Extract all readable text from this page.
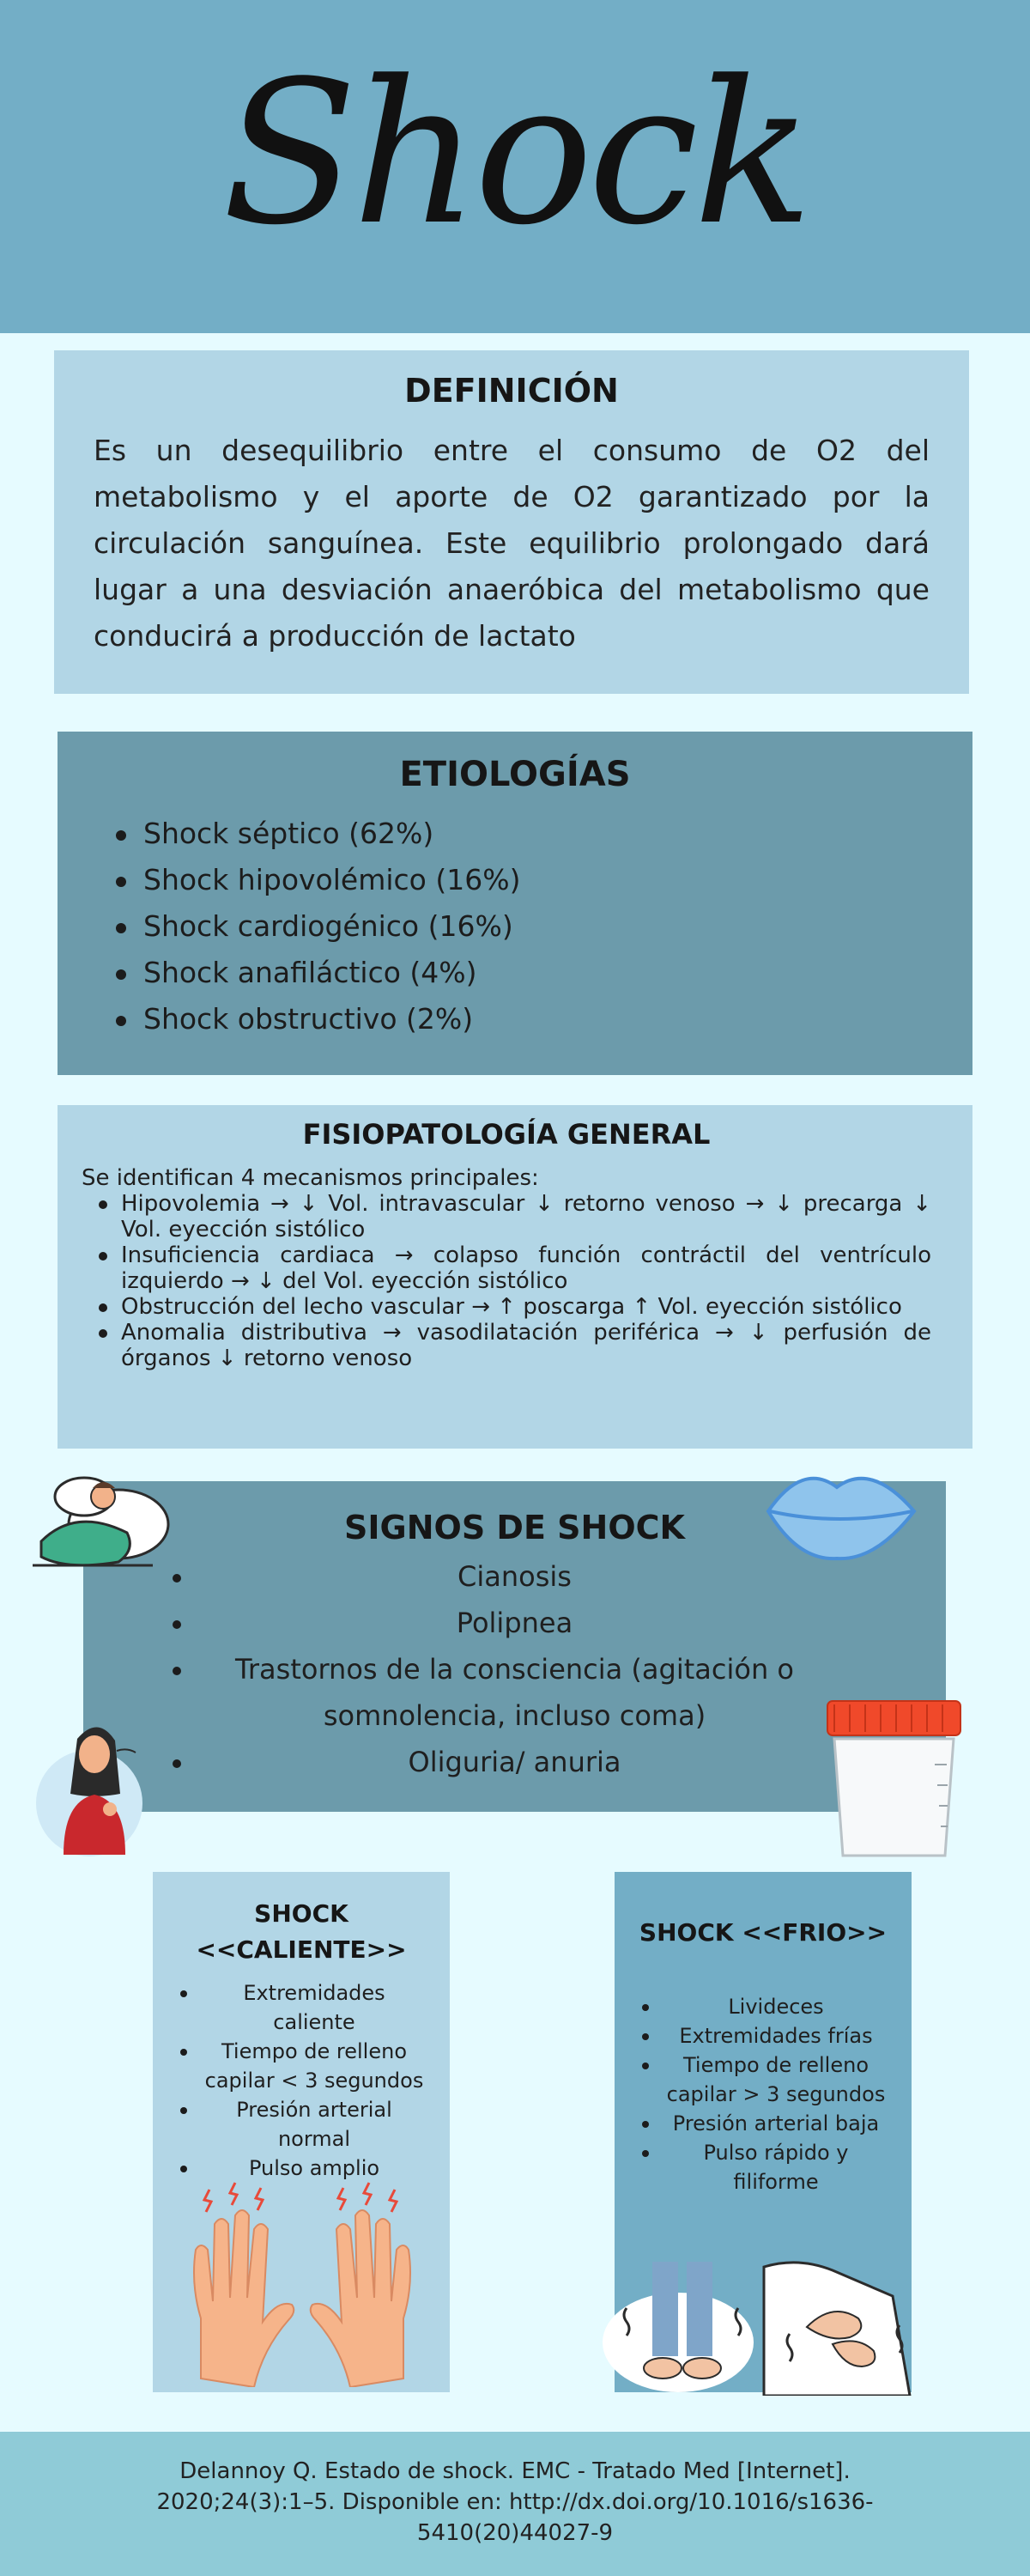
Shock
DEFINICIÓN

Es un desequilibrio entre el consumo de O2 del metabolismo y el aporte de O2 garantizado por la circulación sanguínea. Este equilibrio prolongado dará lugar a una desviación anaeróbica del metabolismo que conducirá a producción de lactato

ETIOLOGÍAS
Shock séptico (62%)
Shock hipovolémico (16%)
Shock cardiogénico (16%)
Shock anafiláctico (4%)
Shock obstructivo (2%)
FISIOPATOLOGÍA GENERAL
Se identifican 4 mecanismos principales:
Hipovolemia → ↓ Vol. intravascular ↓ retorno venoso → ↓ precarga ↓ Vol. eyección sistólico
Insuficiencia cardiaca → colapso función contráctil del ventrículo izquierdo → ↓ del Vol. eyección sistólico
Obstrucción del lecho vascular → ↑ poscarga ↑ Vol. eyección sistólico
Anomalia distributiva → vasodilatación periférica → ↓ perfusión de órganos ↓ retorno venoso
SIGNOS DE SHOCK
Cianosis
Polipnea
Trastornos de la consciencia (agitación o somnolencia, incluso coma)
Oliguria/ anuria
SHOCK <<CALIENTE>>
Extremidades caliente
Tiempo de relleno capilar < 3 segundos
Presión arterial normal
Pulso amplio
SHOCK <<FRIO>>
Livideces
Extremidades frías
Tiempo de relleno capilar > 3 segundos
Presión arterial baja
Pulso rápido y filiforme

Delannoy Q. Estado de shock. EMC - Tratado Med [Internet]. 2020;24(3):1–5. Disponible en: http://dx.doi.org/10.1016/s1636-5410(20)44027-9
